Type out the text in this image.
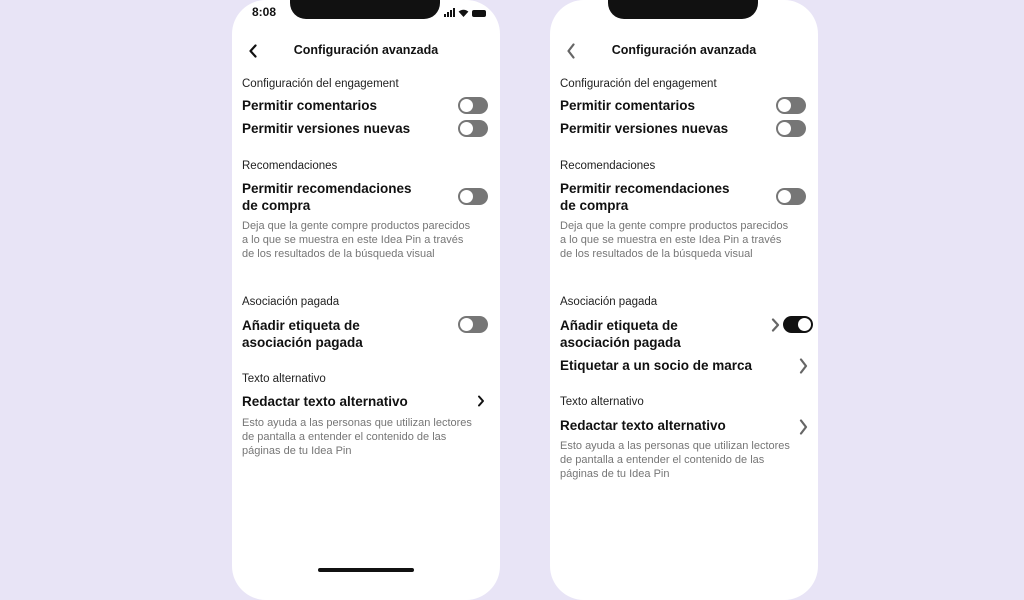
8:08
Configuración avanzada
Configuración del engagement
Permitir comentarios
Permitir versiones nuevas
Recomendaciones
Permitir recomendaciones
de compra
Deja que la gente compre productos parecidos a lo que se muestra en este Idea Pin a través de los resultados de la búsqueda visual
Asociación pagada
Añadir etiqueta de
asociación pagada
Texto alternativo
Redactar texto alternativo
Esto ayuda a las personas que utilizan lectores de pantalla a entender el contenido de las páginas de tu Idea Pin
Configuración avanzada
Configuración del engagement
Permitir comentarios
Permitir versiones nuevas
Recomendaciones
Permitir recomendaciones
de compra
Deja que la gente compre productos parecidos a lo que se muestra en este Idea Pin a través de los resultados de la búsqueda visual
Asociación pagada
Añadir etiqueta de
asociación pagada
Etiquetar a un socio de marca
Texto alternativo
Redactar texto alternativo
Esto ayuda a las personas que utilizan lectores de pantalla a entender el contenido de las páginas de tu Idea Pin
